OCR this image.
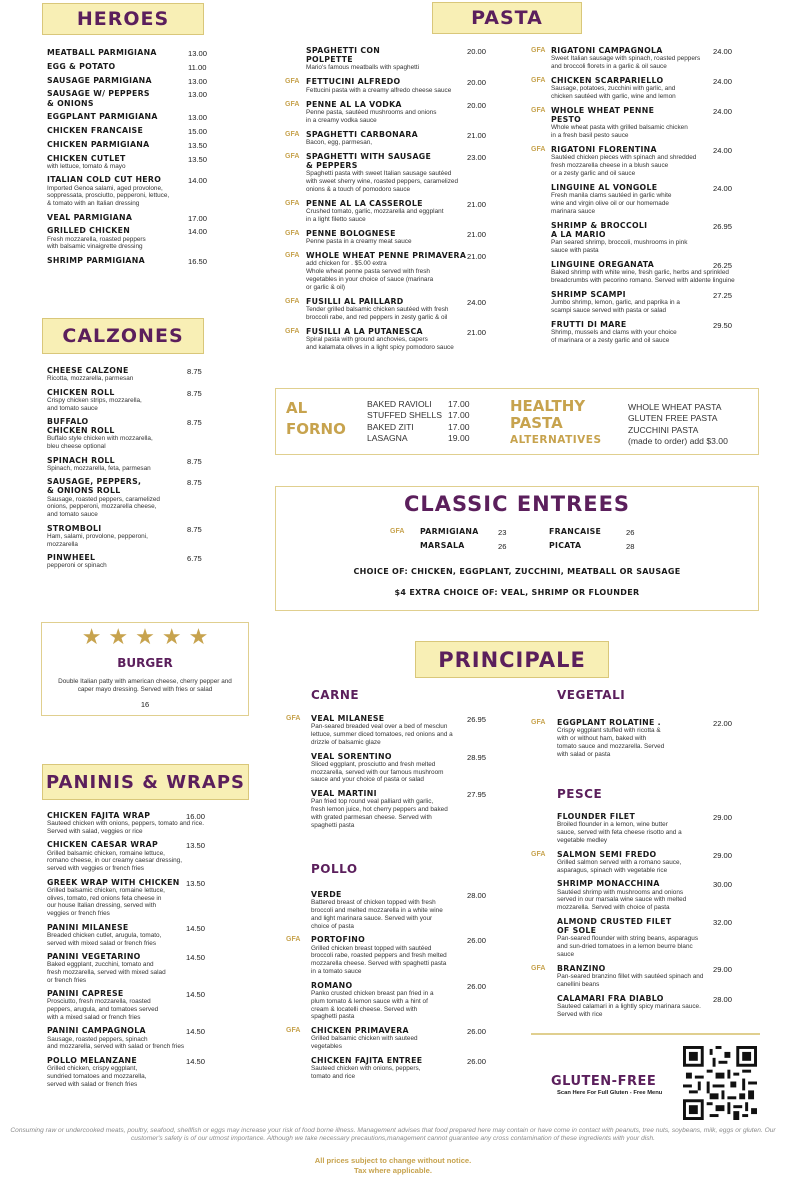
HEROES	PASTA
CALZONES
PANINIS & WRAPS
PRINCIPALE
MEATBALL PARMIGIANA	13.00
EGG & POTATO	11.00
SAUSAGE PARMIGIANA	13.00
SAUSAGE W/ PEPPERS
& ONIONS
13.00
EGGPLANT PARMIGIANA	13.00
CHICKEN FRANCAISE	15.00
CHICKEN PARMIGIANA	13.50
CHICKEN CUTLET	13.50
with lettuce, tomato & mayo
ITALIAN COLD CUT HERO	14.00
Imported Genoa salami, aged provolone,
soppressata, prosciutto, pepperoni, lettuce,
& tomato with an Italian dressing
VEAL PARMIGIANA	17.00
GRILLED CHICKEN	14.00
Fresh mozzarella, roasted peppers
with balsamic vinaigrette dressing
SHRIMP PARMIGIANA	16.50
SPAGHETTI CON
POLPETTE
20.00
Mario's famous meatballs with spaghetti
GFA FETTUCINI ALFREDO	20.00
Fettucini pasta with a creamy alfredo cheese sauce
GFA PENNE AL LA VODKA	20.00
Penne pasta, sautéed mushrooms and onions
in a creamy vodka sauce
GFA SPAGHETTI CARBONARA	21.00
Bacon, egg, parmesan,
GFA SPAGHETTI WITH SAUSAGE
& PEPPERS
23.00
Spaghetti pasta with sweet Italian sausage sautéed
with sweet sherry wine, roasted peppers, caramelized
onions & a touch of pomodoro sauce
GFA PENNE AL LA CASSEROLE	21.00
Crushed tomato, garlic, mozzarella and eggplant
in a light filetto sauce
GFA PENNE BOLOGNESE	21.00
Penne pasta in a creamy meat sauce
GFA WHOLE WHEAT PENNE PRIMAVERA 21.00
add chicken for . $5.00 extra
Whole wheat penne pasta served with fresh
vegetables in your choice of sauce (marinara
or garlic & oil)
GFA FUSILLI AL PAILLARD	24.00
Tender grilled balsamic chicken sautéed with fresh
broccoli rabe, and red peppers in zesty garlic & oil
GFA FUSILLI A LA PUTANESCA	21.00
Spiral pasta with ground anchovies, capers
and kalamata olives in a light spicy pomodoro sauce
GFA RIGATONI CAMPAGNOLA	24.00
Sweet Italian sausage with spinach, roasted peppers
and broccoli florets in a garlic & oil sauce
GFA CHICKEN SCARPARIELLO	24.00
Sausage, potatoes, zucchini with garlic, and
chicken sautéed with garlic, wine and lemon
GFA WHOLE WHEAT PENNE
PESTO
24.00
Whole wheat pasta with grilled balsamic chicken
in a fresh basil pesto sauce
GFA RIGATONI FLORENTINA	24.00
Sautéed chicken pieces with spinach and shredded
fresh mozzarella cheese in a blush sauce
or a zesty garlic and oil sauce
LINGUINE AL VONGOLE	24.00
Fresh manila clams sautéed in garlic white
wine and virgin olive oil or our homemade
marinara sauce
SHRIMP & BROCCOLI
A LA MARIO
26.95
Pan seared shrimp, broccoli, mushrooms in pink
sauce with pasta
LINGUINE OREGANATA	26.25
Baked shrimp with white wine, fresh garlic, herbs and sprinkled
breadcrumbs with pecorino romano. Served with aldente linguine
SHRIMP SCAMPI	27.25
Jumbo shrimp, lemon, garlic, and paprika in a
scampi sauce served with pasta or salad
FRUTTI DI MARE	29.50
Shrimp, mussels and clams with your choice
of marinara or a zesty garlic and oil sauce
CHEESE CALZONE	8.75
Ricotta, mozzarella, parmesan
CHICKEN ROLL	8.75
Crispy chicken strips, mozzarella,
and tomato sauce
BUFFALO
CHICKEN ROLL
8.75
Buffalo style chicken with mozzarella,
bleu cheese optional
SPINACH ROLL	8.75
Spinach, mozzarella, feta, parmesan
SAUSAGE, PEPPERS,
& ONIONS ROLL
8.75
Sausage, roasted peppers, caramelized
onions, pepperoni, mozzarella cheese,
and tomato sauce
STROMBOLI	8.75
Ham, salami, provolone, pepperoni,
mozzarella
PINWHEEL	6.75
pepperoni or spinach
CHICKEN FAJITA WRAP	16.00
Sauteed chicken with onions, peppers, tomato and rice.
Served with salad, veggies or rice
CHICKEN CAESAR WRAP	13.50
Grilled balsamic chicken, romaine lettuce,
romano cheese, in our creamy caesar dressing,
served with veggies or french fries
GREEK WRAP WITH CHICKEN 13.50
Grilled balsamic chicken, romaine lettuce,
olives, tomato, red onions feta cheese in
our house Italian dressing, served with
veggies or french fries
PANINI MILANESE	14.50
Breaded chicken cutlet, arugula, tomato,
served with mixed salad or french fries
PANINI VEGETARINO	14.50
Baked eggplant, zucchini, tomato and
fresh mozzarella, served with mixed salad
or french fries
PANINI CAPRESE	14.50
Prosciutto, fresh mozzarella, roasted
peppers, arugula, and tomatoes served
with a mixed salad or french fries
PANINI CAMPAGNOLA	14.50
Sausage, roasted peppers, spinach
and mozzarella, served with salad or french fries
POLLO MELANZANE	14.50
Grilled chicken, crispy eggplant,
sundried tomatoes and mozzarella,
served with salad or french fries
GFA VEAL MILANESE	26.95
Pan-seared breaded veal over a bed of mesclun
lettuce, summer diced tomatoes, red onions and a
drizzle of balsamic glaze
VEAL SORENTINO	28.95
Sliced eggplant, prosciutto and fresh melted
mozzarella, served with our famous mushroom
sauce and your choice of pasta or salad
VEAL MARTINI	27.95
Pan fried top round veal palliard with garlic,
fresh lemon juice, hot cherry peppers and baked
with grated parmesan cheese. Served with
spaghetti pasta
VERDE	28.00
Battered breast of chicken topped with fresh
broccoli and melted mozzarella in a white wine
and light marinara sauce. Served with your
choice of pasta
GFA PORTOFINO	26.00
Grilled chicken breast topped with sautéed
broccoli rabe, roasted peppers and fresh melted
mozzarella cheese. Served with spaghetti pasta
in a tomato sauce
ROMANO	26.00
Panko crusted chicken breast pan fried in a
plum tomato & lemon sauce with a hint of
cream & locatelli cheese. Served with
spaghetti pasta
GFA CHICKEN PRIMAVERA	26.00
Grilled balsamic chicken with sauteed
vegetables
CHICKEN FAJITA ENTREE	26.00
Sauteed chicken with onions, peppers,
tomato and rice
GFA EGGPLANT ROLATINE .	22.00
Crispy eggplant stuffed with ricotta &
with or without ham, baked with
tomato sauce and mozzarella. Served
with salad or pasta
FLOUNDER FILET	29.00
Broiled flounder in a lemon, wine butter
sauce, served with feta cheese risotto and a
vegetable medley
GFA SALMON SEMI FREDO	29.00
Grilled salmon served with a romano sauce,
asparagus, spinach with vegetable rice
SHRIMP MONACCHINA	30.00
Sautéed shrimp with mushrooms and onions
served in our marsala wine sauce with melted
mozzarella. Served with choice of pasta
ALMOND CRUSTED FILET
OF SOLE
32.00
Pan-seared flounder with string beans, asparagus
and sun-dried tomatoes in a lemon beurre blanc
sauce
GFA BRANZINO	29.00
Pan-seared branzino fillet with sautéed spinach and
canellini beans
CALAMARI FRA DIABLO	28.00
Sauteed calamari in a lightly spicy marinara sauce.
Served with rice
AL
FORNO
BAKED RAVIOLI 17.00
STUFFED SHELLS 17.00
BAKED ZITI	17.00
LASAGNA	19.00
HEALTHY
PASTA
ALTERNATIVES
WHOLE WHEAT PASTA
GLUTEN FREE PASTA
ZUCCHINI PASTA
(made to order) add $3.00
CLASSIC ENTREES
GFA PARMIGIANA	23
MARSALA	26
FRANCAISE	26
PICATA	28
CHOICE OF: CHICKEN, EGGPLANT, ZUCCHINI, MEATBALL OR SAUSAGE
$4 EXTRA CHOICE OF: VEAL, SHRIMP OR FLOUNDER
★ ★ ★ ★ ★
BURGER
Double Italian patty with american cheese, cherry pepper and
caper mayo dressing. Served with fries or salad
16
CARNE
POLLO
VEGETALI
PESCE
GLUTEN-FREE
Scan Here For Full Gluten - Free Menu
Consuming raw or undercooked meats, poultry, seafood, shellfish or eggs may increase your risk of food borne illness. Management advises that food prepared here may contain or have come in contact with peanuts, tree nuts, soybeans, milk, eggs or gluten. Our customer's safety is of our utmost importance. Although we take necessary precautions,management cannot guarantee any cross contamination of these ingredients with your dish.
All prices subject to change without notice.
Tax where applicable.
